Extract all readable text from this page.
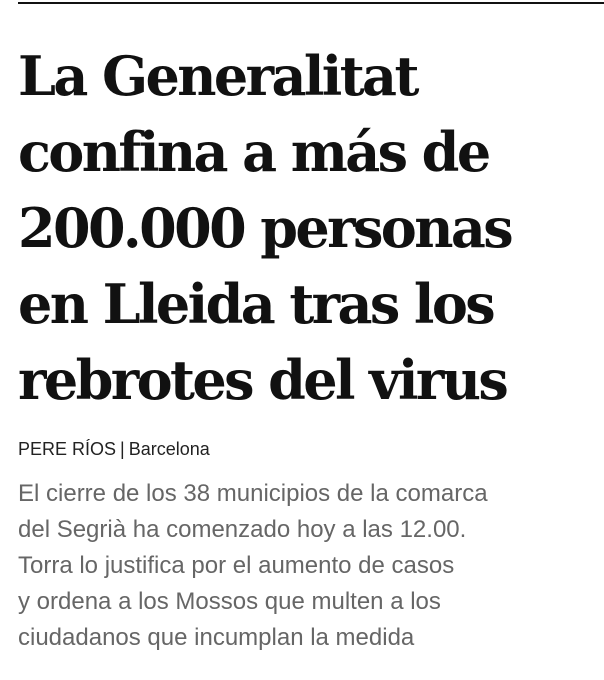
La Generalitat
confina a más de
200.000 personas
en Lleida tras los
rebrotes del virus
PERE RÍOS | Barcelona

El cierre de los 38 municipios de la comarca
del Segrià ha comenzado hoy a las 12.00.
Torra lo justifica por el aumento de casos
y ordena a los Mossos que multen a los
ciudadanos que incumplan la medida
